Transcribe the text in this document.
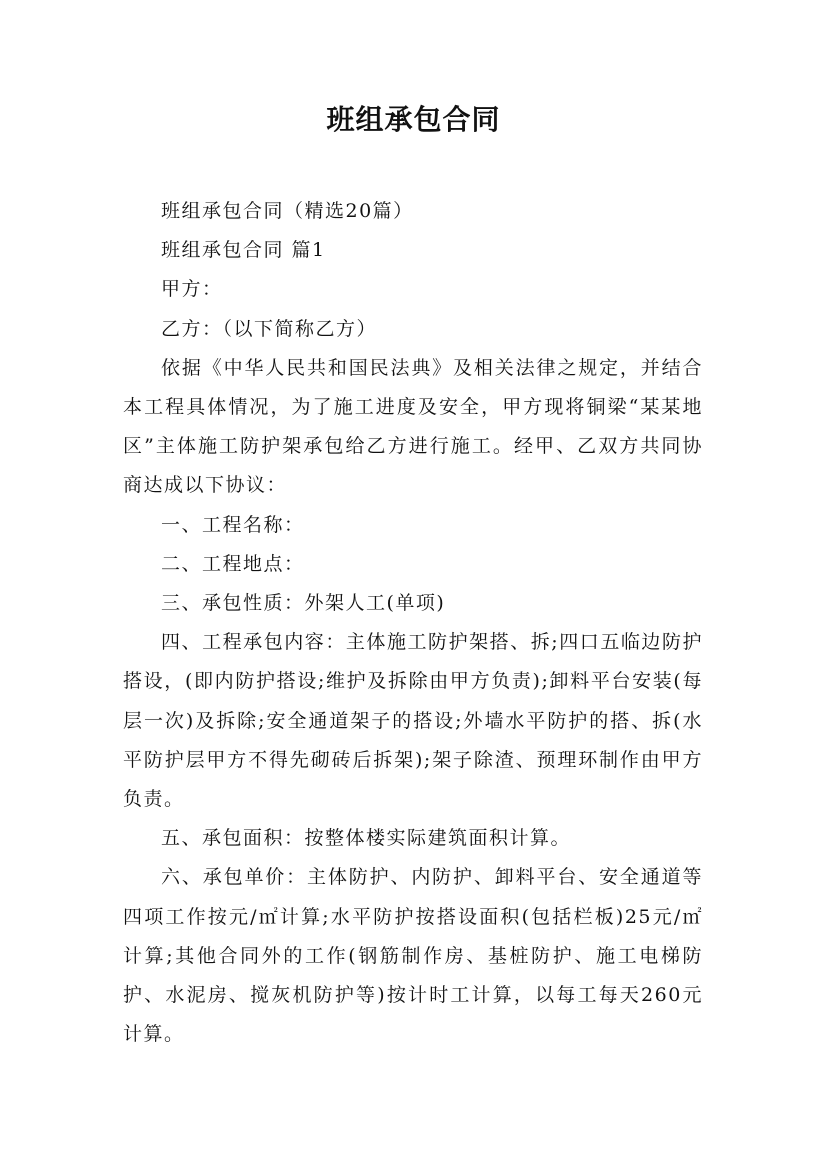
班组承包合同

班组承包合同（精选20篇）

班组承包合同 篇1

甲方：

乙方：（以下简称乙方）

依据《中华人民共和国民法典》及相关法律之规定，并结合本工程具体情况，为了施工进度及安全，甲方现将铜梁“某某地区”主体施工防护架承包给乙方进行施工。经甲、乙双方共同协商达成以下协议：

一、工程名称：

二、工程地点：

三、承包性质：外架人工(单项)

四、工程承包内容：主体施工防护架搭、拆;四口五临边防护搭设，(即内防护搭设;维护及拆除由甲方负责);卸料平台安装(每层一次)及拆除;安全通道架子的搭设;外墙水平防护的搭、拆(水平防护层甲方不得先砌砖后拆架);架子除渣、预理环制作由甲方负责。

五、承包面积：按整体楼实际建筑面积计算。

六、承包单价：主体防护、内防护、卸料平台、安全通道等四项工作按元/㎡计算;水平防护按搭设面积(包括栏板)25元/㎡计算;其他合同外的工作(钢筋制作房、基桩防护、施工电梯防护、水泥房、搅灰机防护等)按计时工计算，以每工每天260元计算。
